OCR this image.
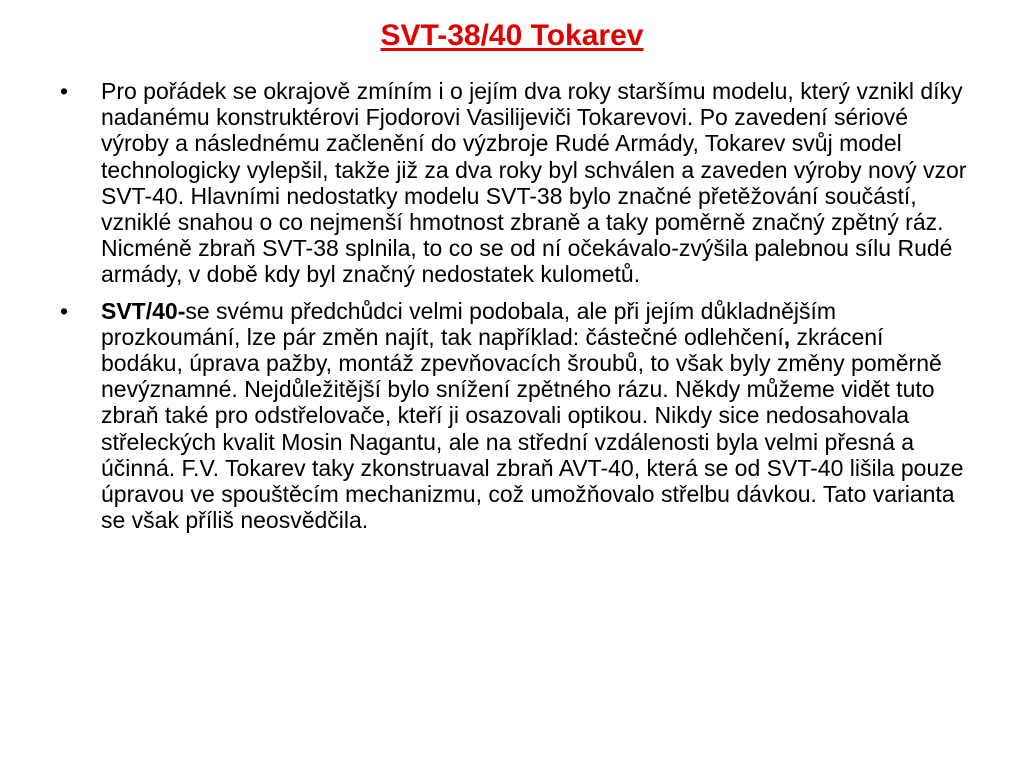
SVT-38/40 Tokarev
• Pro pořádek se okrajově zmíním i o jejím dva roky staršímu modelu, který vznikl díky nadanému konstruktérovi Fjodorovi Vasilijeviči Tokarevovi. Po zavedení sériové výroby a následnému začlenění do výzbroje Rudé Armády, Tokarev svůj model technologicky vylepšil, takže již za dva roky byl schválen a zaveden výroby nový vzor SVT-40. Hlavními nedostatky modelu SVT-38 bylo značné přetěžování součástí, vzniklé snahou o co nejmenší hmotnost zbraně a taky poměrně značný zpětný ráz. Nicméně zbraň SVT-38 splnila, to co se od ní očekávalo-zvýšila palebnou sílu Rudé armády, v době kdy byl značný nedostatek kulometů.
• SVT/40-se svému předchůdci velmi podobala, ale při jejím důkladnějším prozkoumání, lze pár změn najít, tak například: částečné odlehčení, zkrácení bodáku, úprava pažby, montáž zpevňovacích šroubů, to však byly změny poměrně nevýznamné. Nejdůležitější bylo snížení zpětného rázu. Někdy můžeme vidět tuto zbraň také pro odstřelovače, kteří ji osazovali optikou. Nikdy sice nedosahovala střeleckých kvalit Mosin Nagantu, ale na střední vzdálenosti byla velmi přesná a účinná. F.V. Tokarev taky zkonstruaval zbraň AVT-40, která se od SVT-40 lišila pouze úpravou ve spouštěcím mechanizmu, což umožňovalo střelbu dávkou. Tato varianta se však příliš neosvědčila.
